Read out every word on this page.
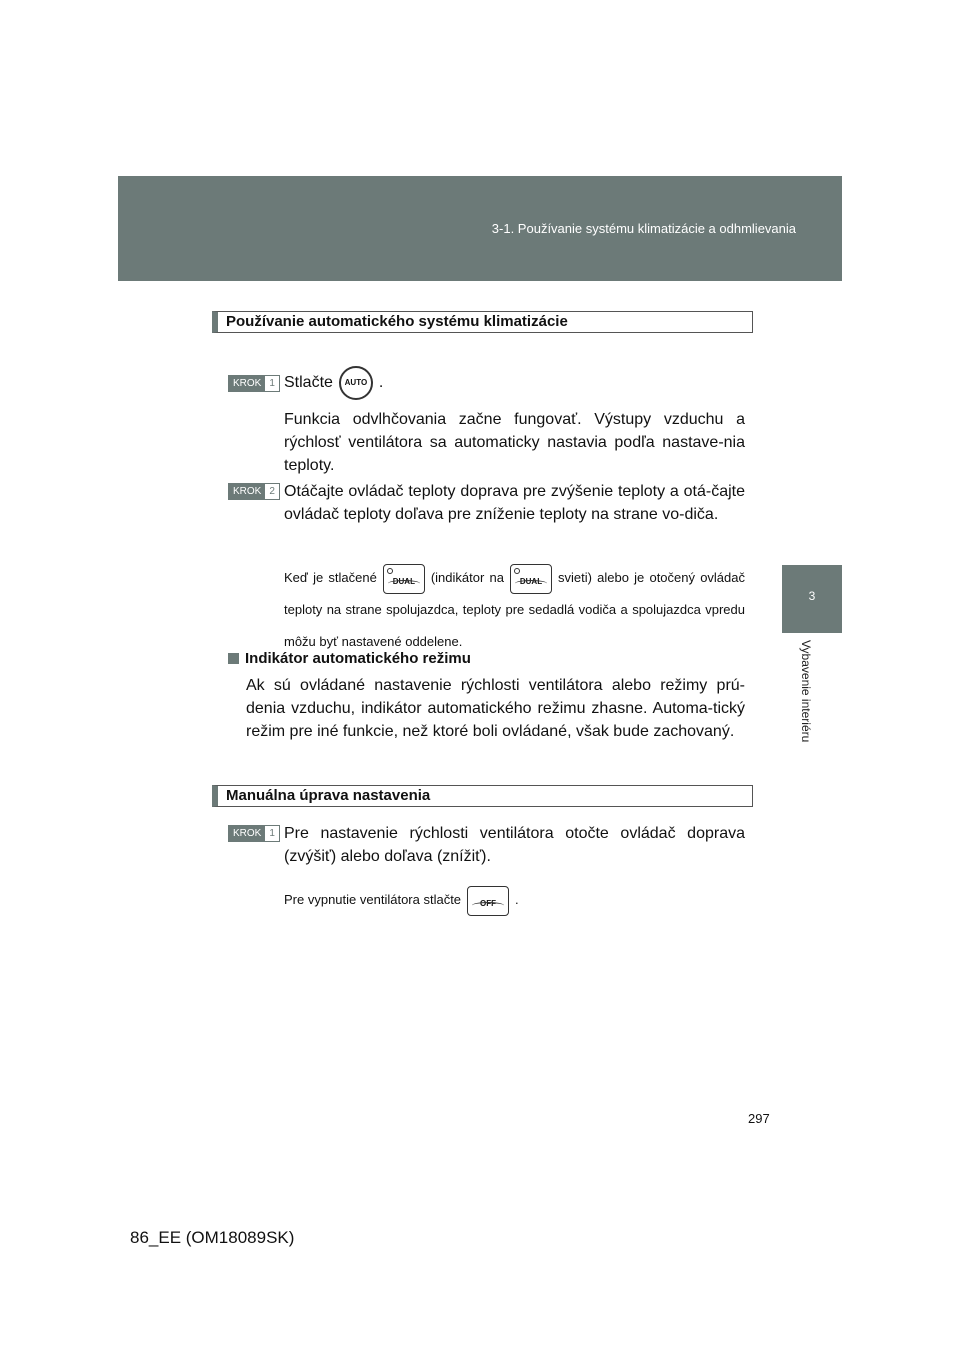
3-1. Používanie systému klimatizácie a odhmlievania
3
Vybavenie interiéru
Používanie automatického systému klimatizácie
KROK 1 Stlačte AUTO .
Funkcia odvlhčovania začne fungovať. Výstupy vzduchu a rýchlosť ventilátora sa automaticky nastavia podľa nastave-nia teploty.
KROK 2 Otáčajte ovládač teploty doprava pre zvýšenie teploty a otá-čajte ovládač teploty doľava pre zníženie teploty na strane vo-diča.
Keď je stlačené	DUAL	(indikátor na	DUAL	svieti) alebo je otočený ovládač teploty na strane spolujazdca, teploty pre sedadlá vodiča a spolujazdca vpredu môžu byť nastavené oddelene.
Indikátor automatického režimu
Ak sú ovládané nastavenie rýchlosti ventilátora alebo režimy prú-denia vzduchu, indikátor automatického režimu zhasne. Automa-tický režim pre iné funkcie, než ktoré boli ovládané, však bude zachovaný.
Manuálna úprava nastavenia
KROK 1 Pre nastavenie rýchlosti ventilátora otočte ovládač doprava (zvýšiť) alebo doľava (znížiť).
Pre vypnutie ventilátora stlačte	OFF	.
297
86_EE (OM18089SK)
